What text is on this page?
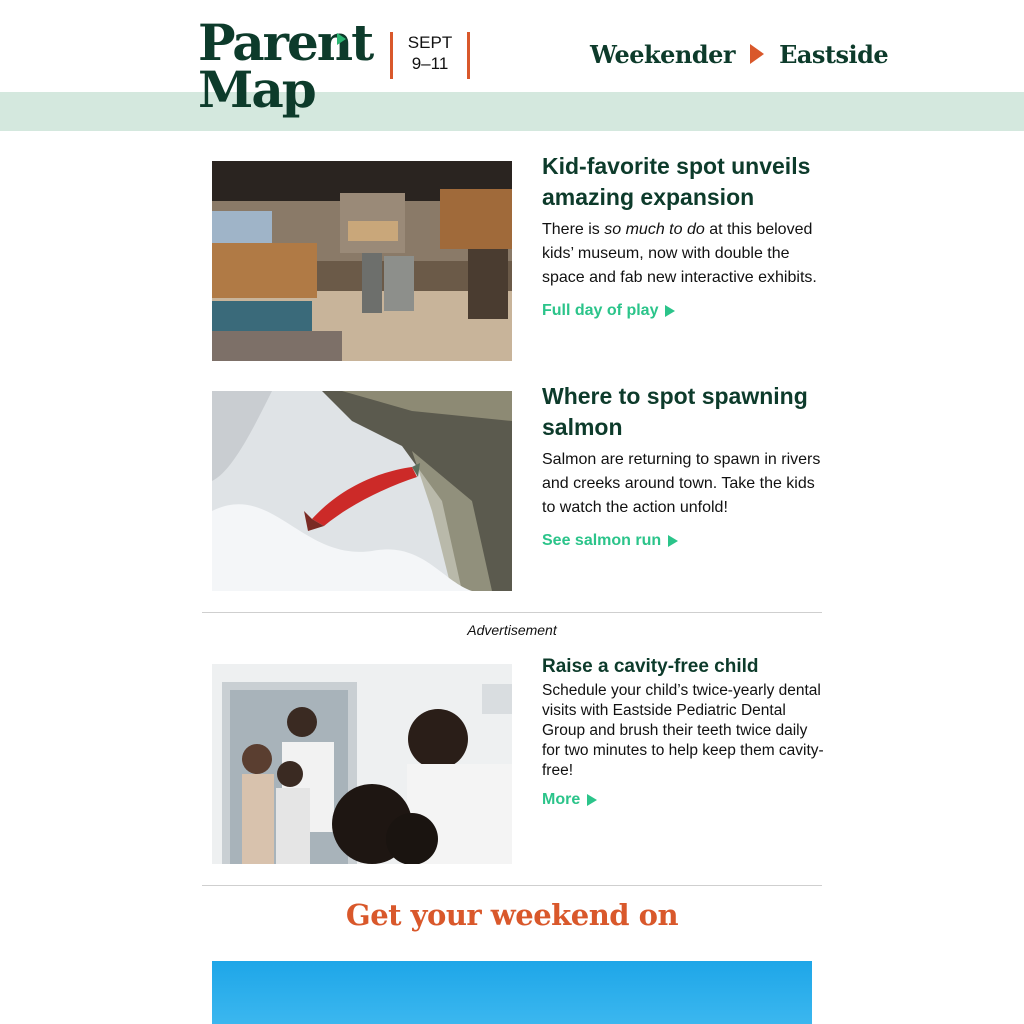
Parent
Map
SEPT
9–11	Weekender Eastside
Kid-favorite spot unveils amazing expansion

There is so much to do at this beloved kids’ museum, now with double the space and fab new interactive exhibits.

Full day of play
Where to spot spawning salmon

Salmon are returning to spawn in rivers and creeks around town. Take the kids to watch the action unfold!

See salmon run
Advertisement
Raise a cavity-free child

Schedule your child’s twice-yearly dental visits with Eastside Pediatric Dental Group and brush their teeth twice daily for two minutes to help keep them cavity-free!

More
Get your weekend on
